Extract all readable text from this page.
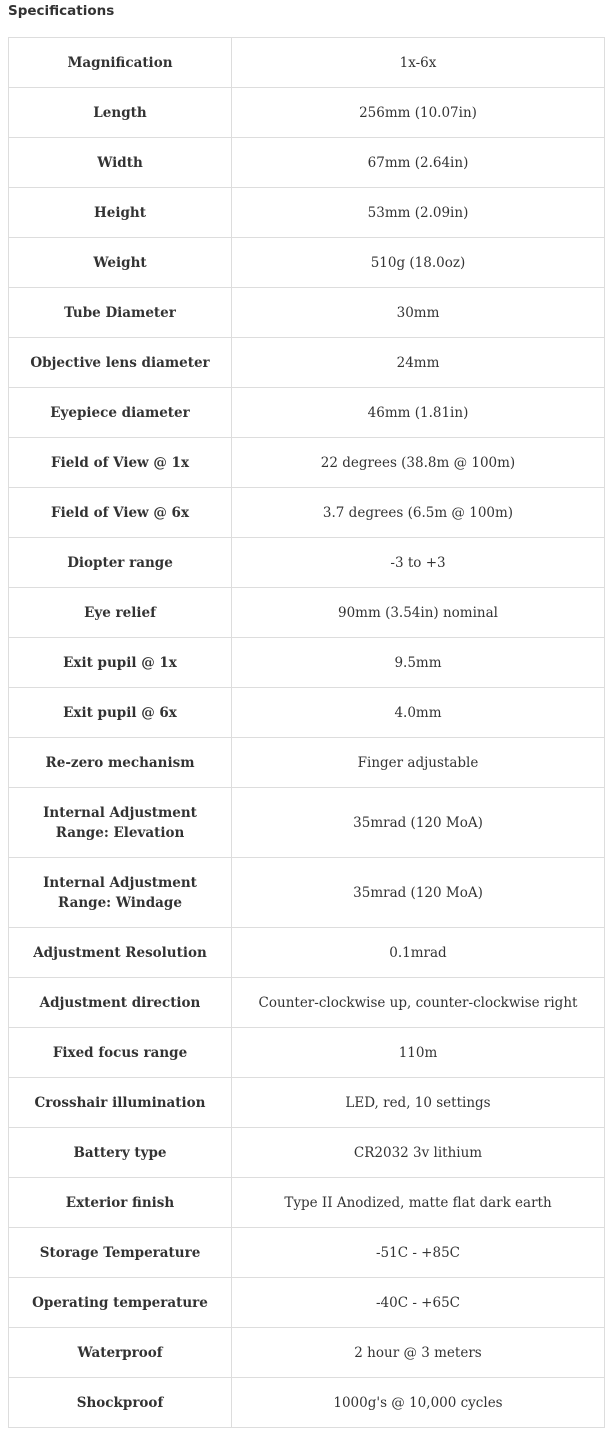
Specifications
Magnification	1x-6x
Length	256mm (10.07in)
Width	67mm (2.64in)
Height	53mm (2.09in)
Weight	510g (18.0oz)
Tube Diameter	30mm
Objective lens diameter	24mm
Eyepiece diameter	46mm (1.81in)
Field of View @ 1x	22 degrees (38.8m @ 100m)
Field of View @ 6x	3.7 degrees (6.5m @ 100m)
Diopter range	-3 to +3
Eye relief	90mm (3.54in) nominal
Exit pupil @ 1x	9.5mm
Exit pupil @ 6x	4.0mm
Re-zero mechanism	Finger adjustable
Internal Adjustment Range: Elevation	35mrad (120 MoA)
Internal Adjustment Range: Windage	35mrad (120 MoA)
Adjustment Resolution	0.1mrad
Adjustment direction	Counter-clockwise up, counter-clockwise right
Fixed focus range	110m
Crosshair illumination	LED, red, 10 settings
Battery type	CR2032 3v lithium
Exterior finish	Type II Anodized, matte flat dark earth
Storage Temperature	-51C - +85C
Operating temperature	-40C - +65C
Waterproof	2 hour @ 3 meters
Shockproof	1000g's @ 10,000 cycles
